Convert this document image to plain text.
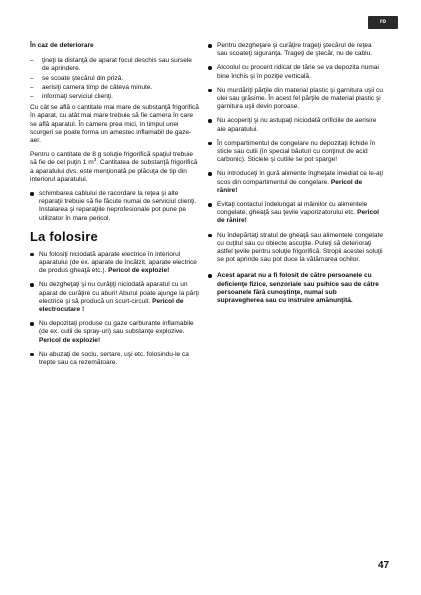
ro

În caz de deteriorare

– ţineţi la distanţă de aparat focul deschis sau sursele de aprindere.
– se scoate ştecărul din priză.
– aerisiţi camera timp de câteva minute.
– informaţi serviciul clienţi.

Cu cât se află o cantitate mai mare de substanţă frigorifică în aparat, cu atât mai mare trebuie să fie camera în care se află aparatul. În camere prea mici, în timpul unei scurgeri se poate forma un amestec inflamabil de gaze-aer.

Pentru o cantitate de 8 g soluţie frigorifică spaţiul trebuie să fie de cel puţin 1 $m^3$. Cantitatea de substanţă frigorifică a aparatului dvs. este menţionată pe plăcuţa de tip din interiorul aparatului.

schimbarea cablului de racordare la reţea şi alte reparaţii trebuie să fie făcute numai de serviciul clienţi. Instalarea şi reparaţiile neprofesionale pot pune pe utilizator în mare pericol.
La folosire
Nu folosiţi niciodată aparate electrice în interiorul aparatului (de ex. aparate de încălzit, aparate electrice de produs gheaţă etc.). Pericol de explozie!
Nu dezgheţaţi şi nu curăţiţi niciodată aparatul cu un aparat de curăţire cu aburi! Aburul poate ajunge la părţi electrice şi să producă un scurt-circuit. Pericol de electrocutare !
Nu depozitaţi produse cu gaze carburante inflamabile (de ex. cutii de spray-uri) sau substanţe explozive. Pericol de explozie!
Nu abuzaţi de soclu, sertare, uşi etc. folosindu-le ca trepte sau ca rezemătoare.
Pentru dezgheţare şi curăţire trageţi ştecărul de reţea sau scoateţi siguranţa. Trageţi de ştecăr, nu de cablu.
Alcoolul cu procent ridicat de tărie se va depozita numai bine închis şi în poziţie verticală.
Nu murdăriţi părţile din material plastic şi garnitura uşii cu ulei sau grăsime. În acest fel părţile de material plastic şi garnitura uşii devin poroase.
Nu acoperiţi şi nu astupaţi niciodată orificiile de aerisire ale aparatului.
În compartimentul de congelare nu depozitaţi lichide în sticle sau cutii (în special băuturi cu conţinut de acid carbonic). Sticlele şi cutiile se pot sparge!
Nu introduceţi în gură alimente îngheţate imediat ce le-aţi scos din compartimentul de congelare. Pericol de rănire!
Evitaţi contactul îndelungat al mâinilor cu alimentele congelate, gheaţă sau ţevile vaporizatorului etc. Pericol de rănire!
Nu îndepărtaţi stratul de gheaţă sau alimentele congelate cu cuţitul sau cu obiecte ascuţite. Puteţi să deterioraţi astfel ţevile pentru soluţie frigorifică. Stropii acestei soluţii se pot aprinde sau pot duce la vătămarea ochilor.
Acest aparat nu a fi folosit de către persoanele cu deficienţe fizice, senzoriale sau psihice sau de către persoanele fără cunoştinţe, numai sub supravegherea sau cu instruire amănunţită.
47
